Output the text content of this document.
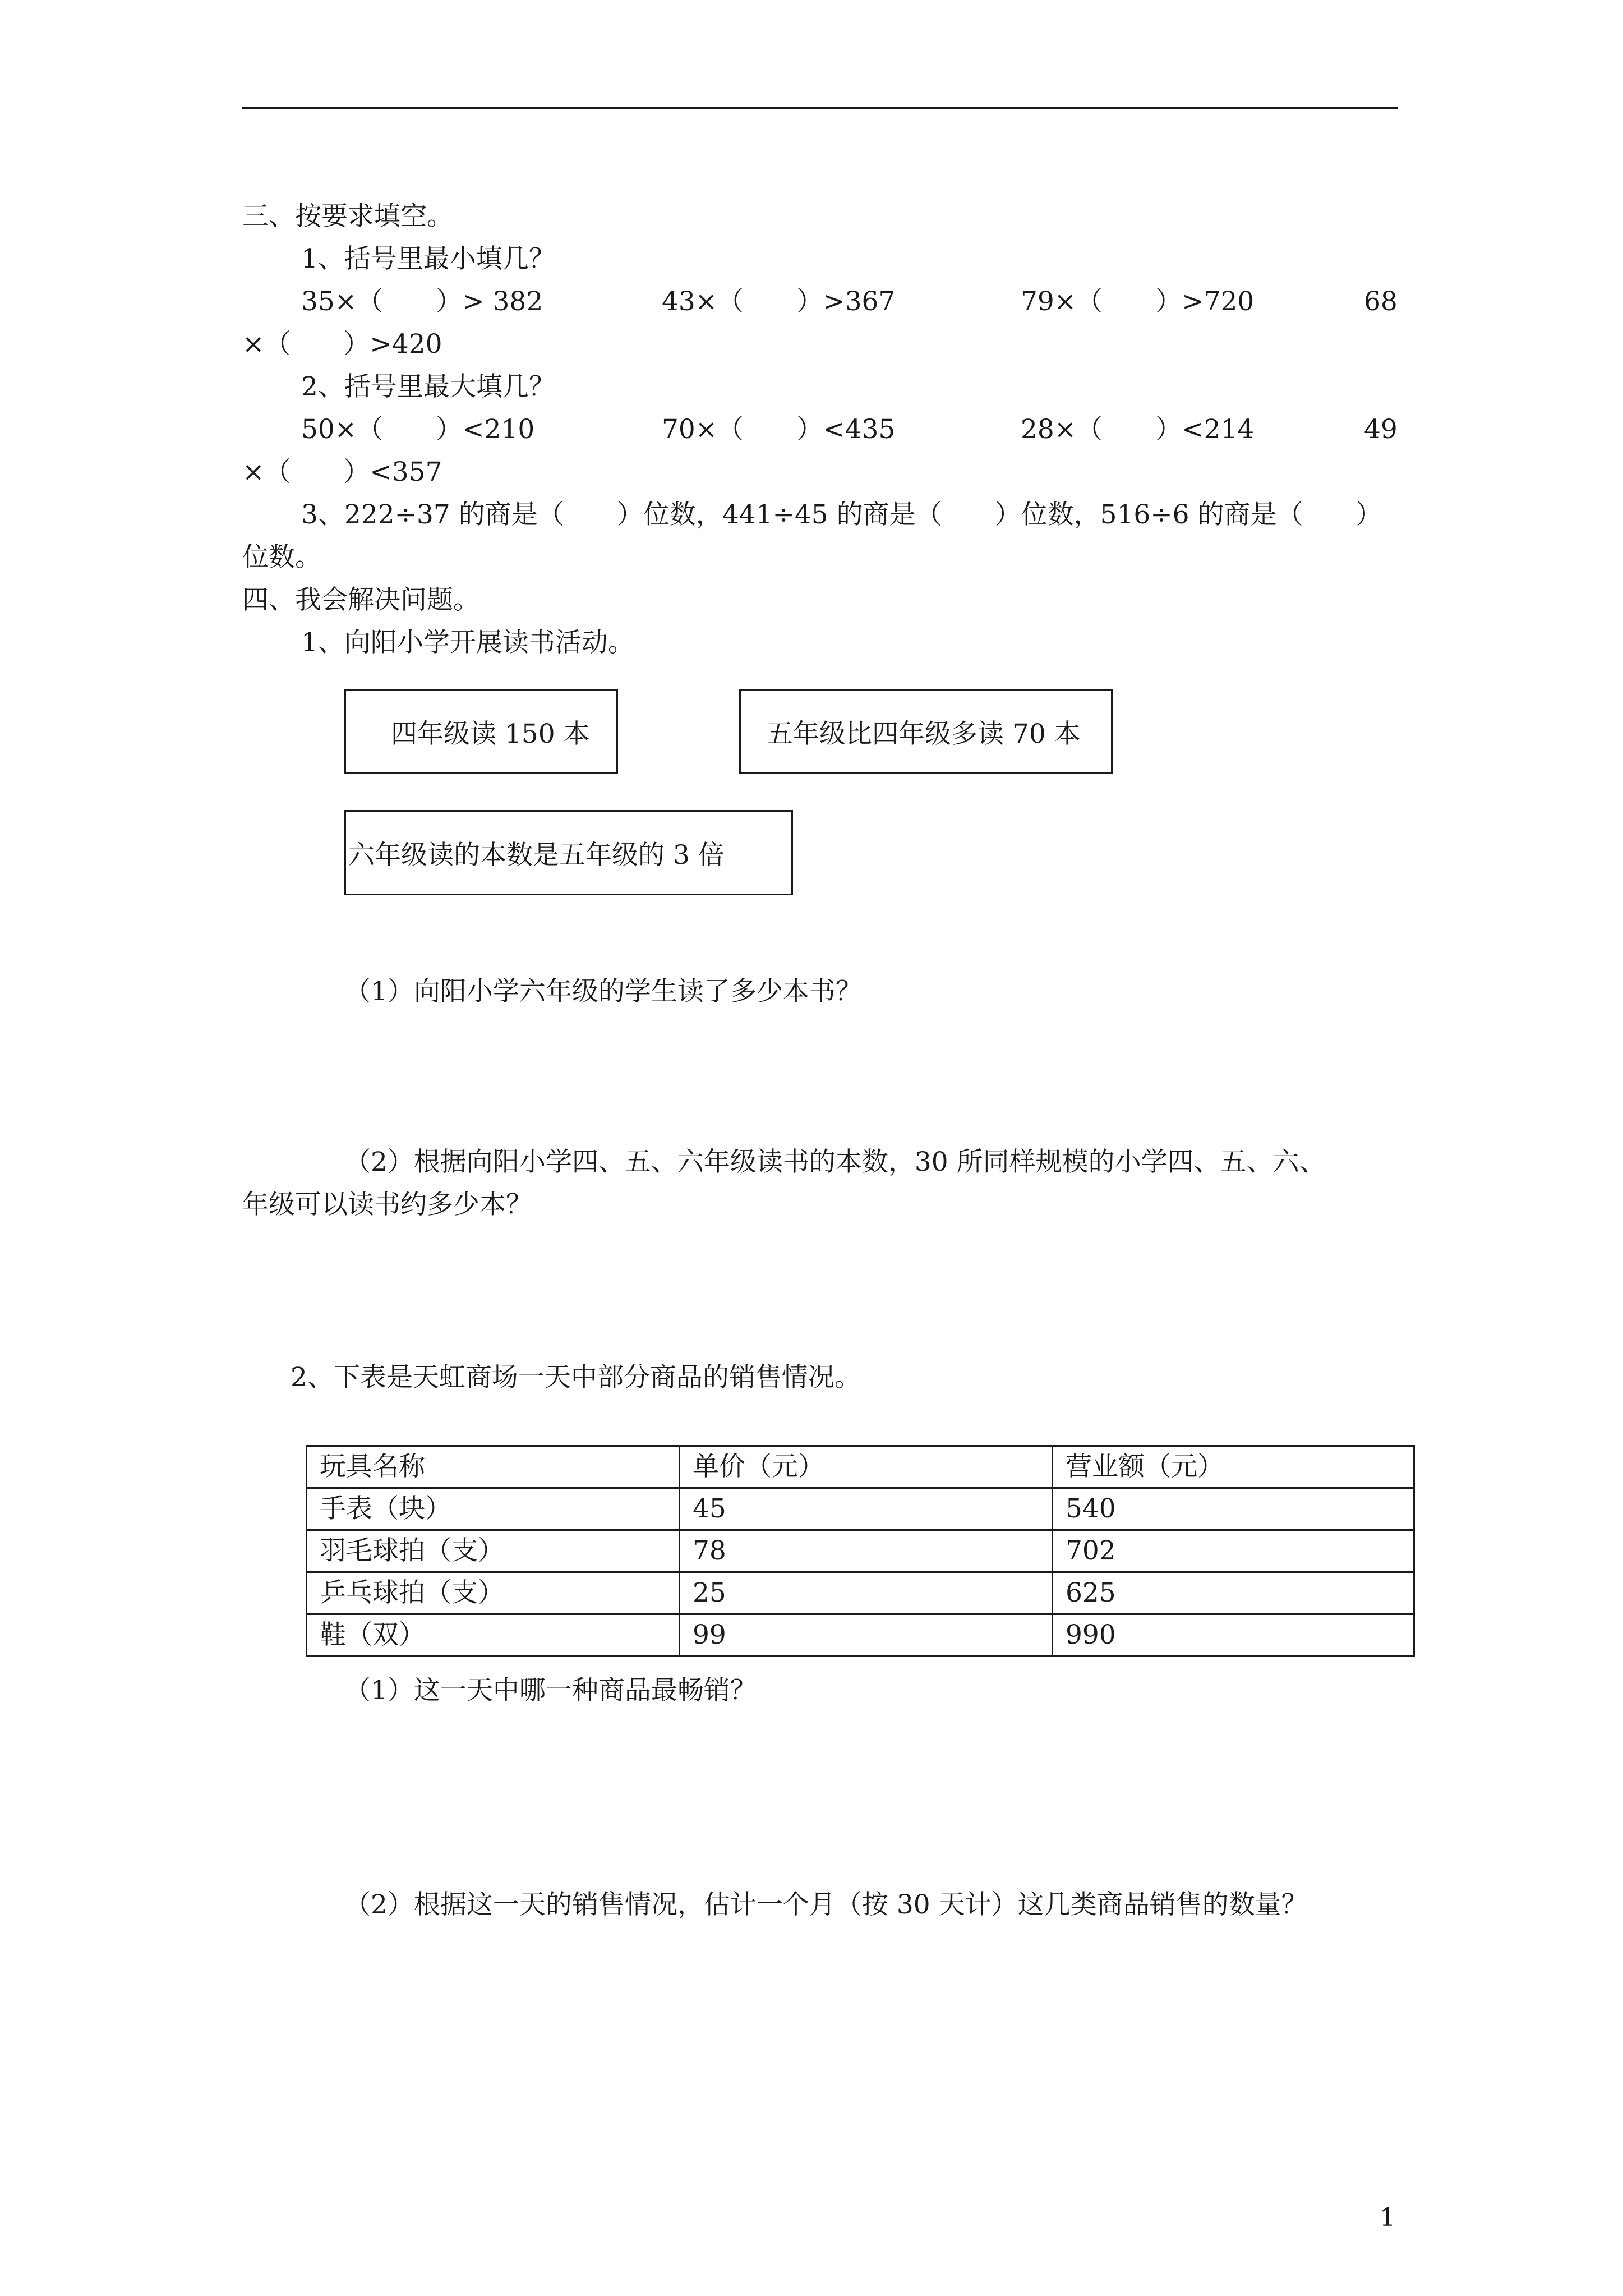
三、按要求填空。
1、括号里最小填几？
35×（　　）> 382	43×（　　）>367	79×（　　）>720	68
×（　　）>420
2、括号里最大填几？
50×（　　）<210	70×（　　）<435	28×（　　）<214	49
×（　　）<357
3、222÷37 的商是（　　）位数，441÷45 的商是（　　）位数，516÷6 的商是（　　）
位数。
四、我会解决问题。
1、向阳小学开展读书活动。
四年级读 150 本	五年级比四年级多读 70 本
六年级读的本数是五年级的 3 倍
（1）向阳小学六年级的学生读了多少本书？
（2）根据向阳小学四、五、六年级读书的本数，30 所同样规模的小学四、五、六、
年级可以读书约多少本？
2、下表是天虹商场一天中部分商品的销售情况。
玩具名称	单价（元）	营业额（元）
手表（块）	45	540
羽毛球拍（支）	78	702
乒乓球拍（支）	25	625
鞋（双）	99	990
（1）这一天中哪一种商品最畅销？
（2）根据这一天的销售情况，估计一个月（按 30 天计）这几类商品销售的数量？
1
